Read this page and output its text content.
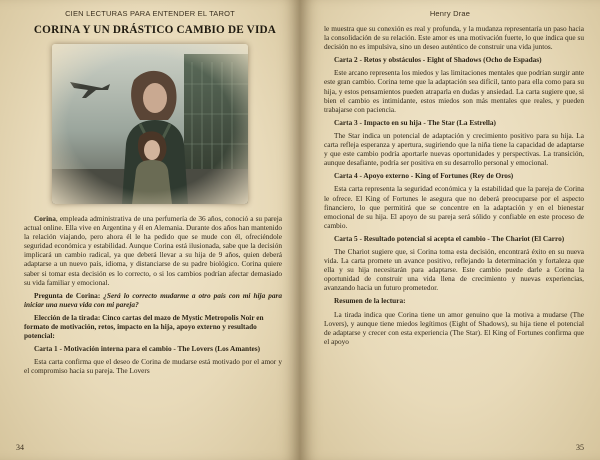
CIEN LECTURAS PARA ENTENDER EL TAROT
CORINA Y UN DRÁSTICO CAMBIO DE VIDA

Corina, empleada administrativa de una perfumería de 36 años, conoció a su pareja actual online. Ella vive en Argentina y él en Alemania. Durante dos años han mantenido la relación viajando, pero ahora él le ha pedido que se mude con él, ofreciéndole seguridad económica y estabilidad. Aunque Corina está ilusionada, sabe que la decisión implicará un cambio radical, ya que deberá llevar a su hija de 9 años, quien deberá adaptarse a un nuevo país, idioma, y distanciarse de su padre biológico. Corina quiere saber si tomar esta decisión es lo correcto, o si los cambios podrían afectar demasiado su vida familiar y emocional.

Pregunta de Corina: ¿Será lo correcto mudarme a otro país con mi hija para iniciar una nueva vida con mi pareja?

Elección de la tirada: Cinco cartas del mazo de Mystic Metropolis Noir en formato de motivación, retos, impacto en la hija, apoyo externo y resultado potencial:

Carta 1 - Motivación interna para el cambio - The Lovers (Los Amantes)

Esta carta confirma que el deseo de Corina de mudarse está motivado por el amor y el compromiso hacia su pareja. The Lovers

34
Henry Drae

le muestra que su conexión es real y profunda, y la mudanza representaría un paso hacia la consolidación de su relación. Este amor es una motivación fuerte, lo que indica que su decisión no es impulsiva, sino un deseo auténtico de construir una vida juntos.

Carta 2 - Retos y obstáculos - Eight of Shadows (Ocho de Espadas)

Este arcano representa los miedos y las limitaciones mentales que podrían surgir ante este gran cambio. Corina teme que la adaptación sea difícil, tanto para ella como para su hija, y estos pensamientos pueden atraparla en dudas y ansiedad. La carta sugiere que, si bien el cambio es intimidante, estos miedos son más mentales que reales, y pueden trabajarse con paciencia.

Carta 3 - Impacto en su hija - The Star (La Estrella)

The Star indica un potencial de adaptación y crecimiento positivo para su hija. La carta refleja esperanza y apertura, sugiriendo que la niña tiene la capacidad de adaptarse y que este cambio podría aportarle nuevas oportunidades y perspectivas. La transición, aunque desafiante, podría ser positiva en su desarrollo personal y emocional.

Carta 4 - Apoyo externo - King of Fortunes (Rey de Oros)

Esta carta representa la seguridad económica y la estabilidad que la pareja de Corina le ofrece. El King of Fortunes le asegura que no deberá preocuparse por el aspecto financiero, lo que permitirá que se concentre en la adaptación y en el bienestar emocional de su hija. El apoyo de su pareja será sólido y confiable en este proceso de cambio.

Carta 5 - Resultado potencial si acepta el cambio - The Chariot (El Carro)

The Chariot sugiere que, si Corina toma esta decisión, encontrará éxito en su nueva vida. La carta promete un avance positivo, reflejando la determinación y fortaleza que ella y su hija necesitarán para adaptarse. Este cambio puede darle a Corina la oportunidad de construir una vida llena de crecimiento y nuevas experiencias, avanzando hacia un futuro prometedor.

Resumen de la lectura:

La tirada indica que Corina tiene un amor genuino que la motiva a mudarse (The Lovers), y aunque tiene miedos legítimos (Eight of Shadows), su hija tiene el potencial de adaptarse y crecer con esta experiencia (The Star). El King of Fortunes confirma que el apoyo

35
